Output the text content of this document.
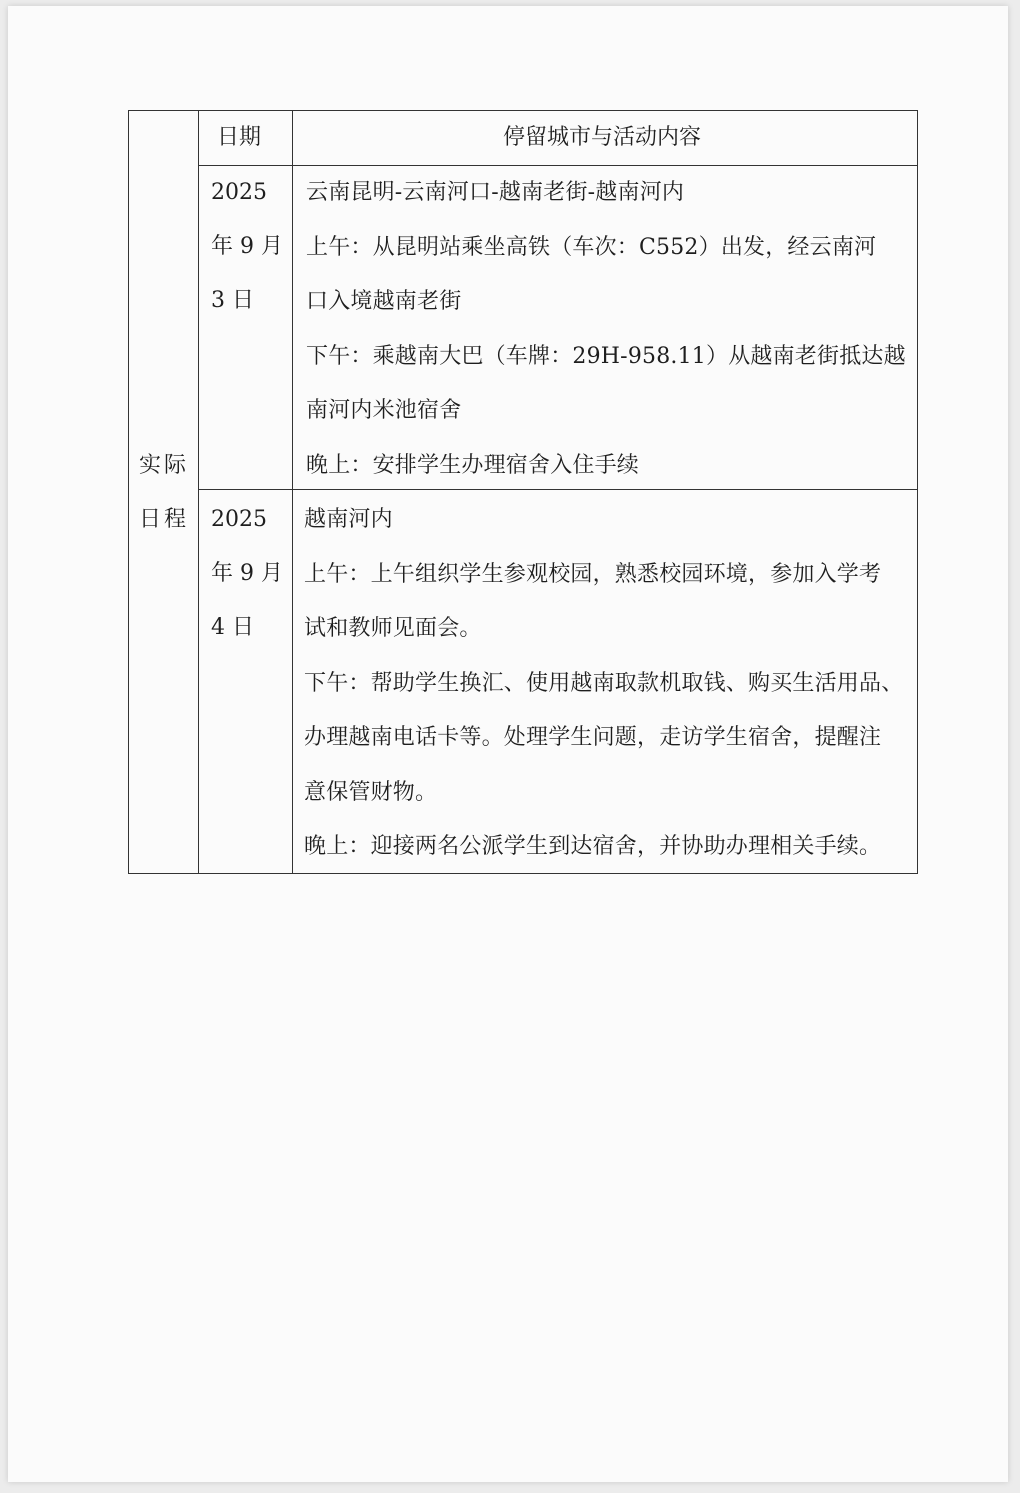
实际
日程
日期	停留城市与活动内容
2025
年 9 月
3 日
云南昆明-云南河口-越南老街-越南河内
上午：从昆明站乘坐高铁（车次：C552）出发，经云南河
口入境越南老街
下午：乘越南大巴（车牌：29H-958.11）从越南老街抵达越
南河内米池宿舍
晚上：安排学生办理宿舍入住手续
2025
年 9 月
4 日
越南河内
上午：上午组织学生参观校园，熟悉校园环境，参加入学考
试和教师见面会。
下午：帮助学生换汇、使用越南取款机取钱、购买生活用品、
办理越南电话卡等。处理学生问题，走访学生宿舍，提醒注
意保管财物。
晚上：迎接两名公派学生到达宿舍，并协助办理相关手续。
